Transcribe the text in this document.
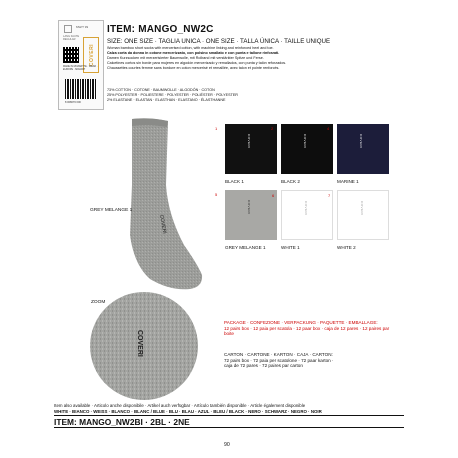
MW/T 99
LANG FAUTE REGULAR
COVERI
MADE IN MOZARTTE · WEAR · EUROPE · MOZART
8 008076 000
ITEM: MANGO_NW2C
SIZE: ONE SIZE · TAGLIA UNICA · ONE SIZE · TALLA ÚNICA · TAILLE UNIQUE
Woman bamboo short socks with mercerised cotton, with machine linking and reinforced heel and toe.
Calza corta da donna in cotone mercerizzato, con polsino smallato e con punta e tallone rinforzati.
Damen Kurzsocken mit merzerisierter Baumwolle, mit Rollrand mit verstärkter Spitze und Ferse.
Calcetines cortos sin borde para mujeres en algodón mercerizado y remallados, con punta y talón reforzados.
Chaussettes courtes femme sans bordure en coton mercerisé et remaillée, avec talon et pointe renforcés.
73% COTTON · COTONE · BAUMWOLLE · ALGODÓN · COTON
25% POLYESTER · POLIESTERE · POLYESTER · POLIÉSTER · POLYESTER
2% ELASTANE · ELASTAN · ELASTHAN · ELASTANO · ÉLASTHANNE
1
COVERI
BLACK 1
2
COVERI
BLACK 2
4
COVERI
MARINE 1
5
COVERI
GREY MELANGE 1
6
COVERI
WHITE 1
7
COVERI
WHITE 2
COVERI
GREY MELANGE 1
ZOOM
COVERI
PACKAGE · CONFEZIONE · VERPACKUNG · PAQUETTE · EMBALLAGE:
12 pairs box · 12 paia per scatola · 12 paar box · caja de 12 pares · 12 paires par boite
CARTON · CARTONE · KARTON · CAJA · CARTON:
72 pairs box · 72 paia per scatolone · 72 paar karton ·
caja de 72 pares · 72 paires par carton
Item also available · Articolo anche disponibile · Artikel auch verfügbar · Artículo también disponible · Article également disponible
WHITE · BIANCO · WEISS · BLANCO · BLANC / BLUE · BLU · BLAU · AZUL · BLEU / BLACK · NERO · SCHWARZ · NEGRO · NOIR
ITEM: MANGO_NW2BI · 2BL · 2NE
90
